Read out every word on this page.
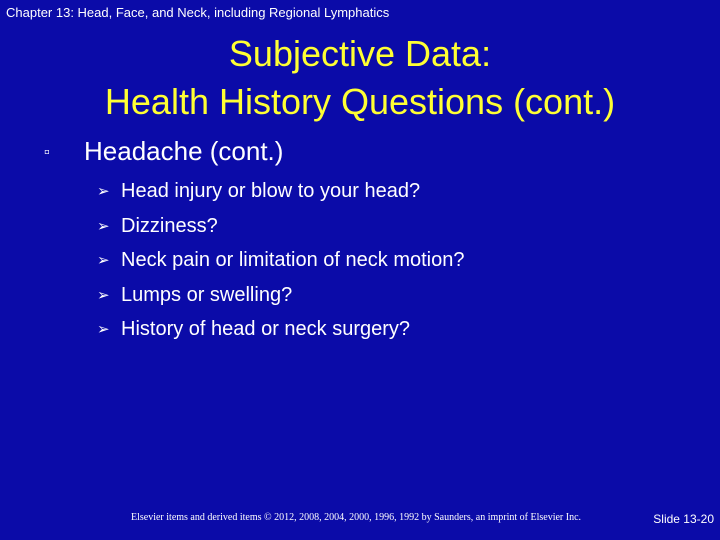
Chapter 13: Head, Face, and Neck, including Regional Lymphatics
Subjective Data:
Health History Questions (cont.)
▫ Headache (cont.)
➢ Head injury or blow to your head?
➢ Dizziness?
➢ Neck pain or limitation of neck motion?
➢ Lumps or swelling?
➢ History of head or neck surgery?
Elsevier items and derived items © 2012, 2008, 2004, 2000, 1996, 1992 by Saunders, an imprint of Elsevier Inc.	Slide 13-20
